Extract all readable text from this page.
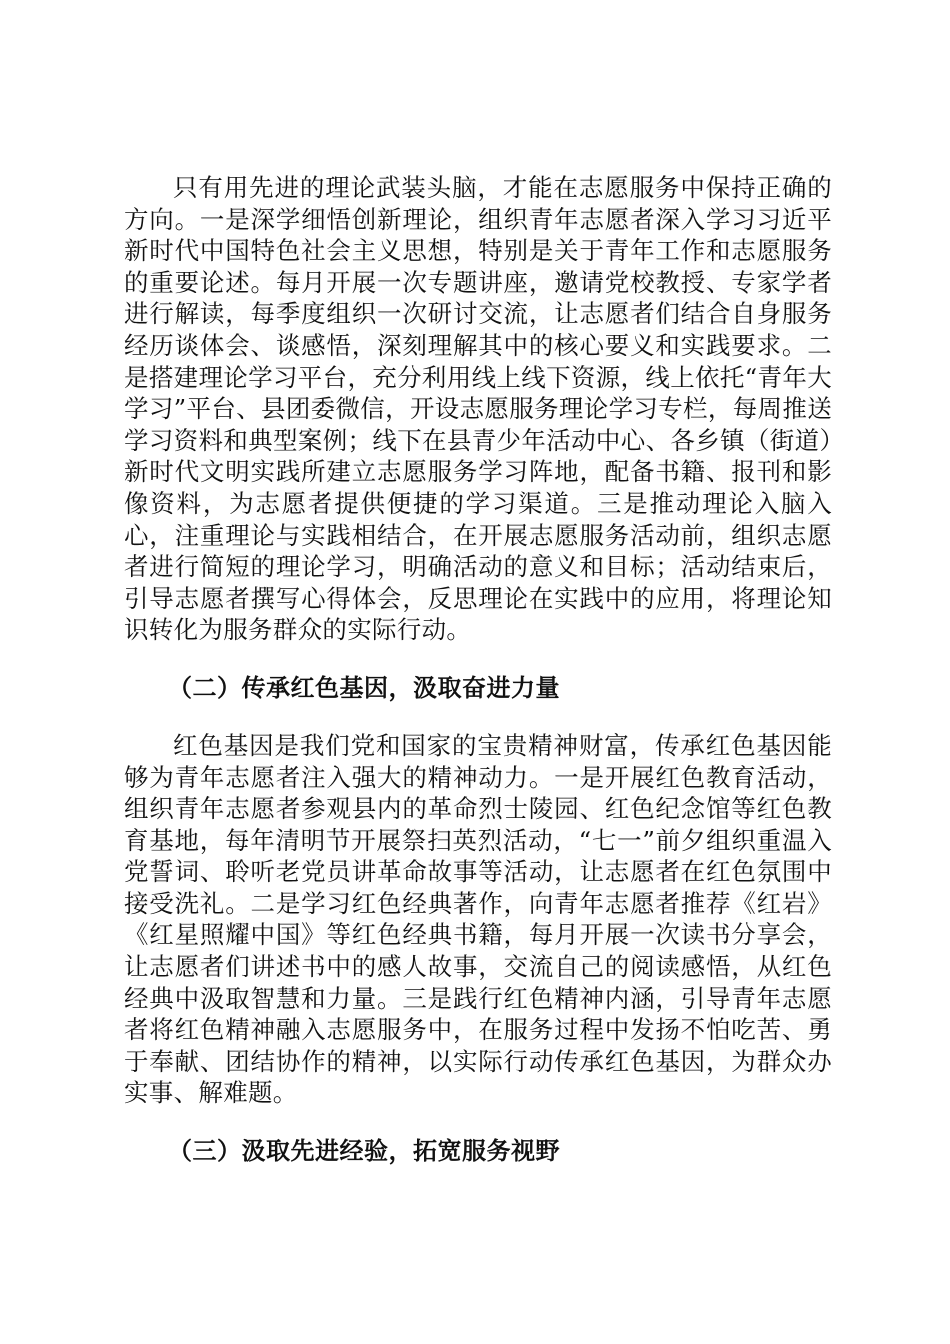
只有用先进的理论武装头脑，才能在志愿服务中保持正确的方向。一是深学细悟创新理论，组织青年志愿者深入学习习近平新时代中国特色社会主义思想，特别是关于青年工作和志愿服务的重要论述。每月开展一次专题讲座，邀请党校教授、专家学者进行解读，每季度组织一次研讨交流，让志愿者们结合自身服务经历谈体会、谈感悟，深刻理解其中的核心要义和实践要求。二是搭建理论学习平台，充分利用线上线下资源，线上依托“青年大学习”平台、县团委微信，开设志愿服务理论学习专栏，每周推送学习资料和典型案例；线下在县青少年活动中心、各乡镇（街道）新时代文明实践所建立志愿服务学习阵地，配备书籍、报刊和影像资料，为志愿者提供便捷的学习渠道。三是推动理论入脑入心，注重理论与实践相结合，在开展志愿服务活动前，组织志愿者进行简短的理论学习，明确活动的意义和目标；活动结束后，引导志愿者撰写心得体会，反思理论在实践中的应用，将理论知识转化为服务群众的实际行动。

（二）传承红色基因，汲取奋进力量

红色基因是我们党和国家的宝贵精神财富，传承红色基因能够为青年志愿者注入强大的精神动力。一是开展红色教育活动，组织青年志愿者参观县内的革命烈士陵园、红色纪念馆等红色教育基地，每年清明节开展祭扫英烈活动，“七一”前夕组织重温入党誓词、聆听老党员讲革命故事等活动，让志愿者在红色氛围中接受洗礼。二是学习红色经典著作，向青年志愿者推荐《红岩》《红星照耀中国》等红色经典书籍，每月开展一次读书分享会，让志愿者们讲述书中的感人故事，交流自己的阅读感悟，从红色经典中汲取智慧和力量。三是践行红色精神内涵，引导青年志愿者将红色精神融入志愿服务中，在服务过程中发扬不怕吃苦、勇于奉献、团结协作的精神，以实际行动传承红色基因，为群众办实事、解难题。

（三）汲取先进经验，拓宽服务视野
